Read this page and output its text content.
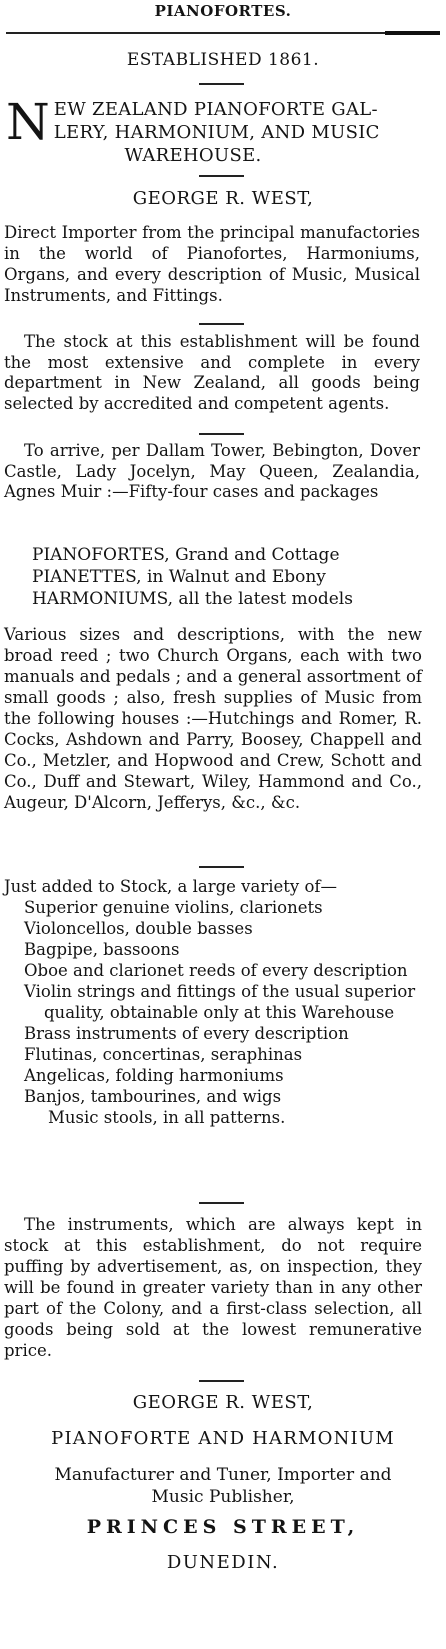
PIANOFORTES.
ESTABLISHED 1861.
N EW ZEALAND PIANOFORTE GAL-
LERY, HARMONIUM, AND MUSIC
WAREHOUSE.
GEORGE R. WEST,
Direct Importer from the principal manufactories in the world of Pianofortes, Harmoniums, Organs, and every description of Music, Musical Instruments, and Fittings.
The stock at this establishment will be found the most extensive and complete in every department in New Zealand, all goods being selected by accredited and competent agents.
To arrive, per Dallam Tower, Bebington, Dover Castle, Lady Jocelyn, May Queen, Zealandia, Agnes Muir :—Fifty-four cases and packages
PIANOFORTES, Grand and Cottage
PIANETTES, in Walnut and Ebony
HARMONIUMS, all the latest models
Various sizes and descriptions, with the new broad reed ; two Church Organs, each with two manuals and pedals ; and a general assortment of small goods ; also, fresh supplies of Music from the following houses :—Hutchings and Romer, R. Cocks, Ashdown and Parry, Boosey, Chappell and Co., Metzler, and Hopwood and Crew, Schott and Co., Duff and Stewart, Wiley, Hammond and Co., Augeur, D'Alcorn, Jefferys, &c., &c.
Just added to Stock, a large variety of—
Superior genuine violins, clarionets
Violoncellos, double basses
Bagpipe, bassoons
Oboe and clarionet reeds of every description
Violin strings and fittings of the usual superior quality, obtainable only at this Warehouse
Brass instruments of every description
Flutinas, concertinas, seraphinas
Angelicas, folding harmoniums
Banjos, tambourines, and wigs
Music stools, in all patterns.
The instruments, which are always kept in stock at this establishment, do not require puffing by advertisement, as, on inspection, they will be found in greater variety than in any other part of the Colony, and a first-class selection, all goods being sold at the lowest remunerative price.
GEORGE R. WEST,
PIANOFORTE AND HARMONIUM
Manufacturer and Tuner, Importer and Music Publisher,
PRINCES STREET,
DUNEDIN.
